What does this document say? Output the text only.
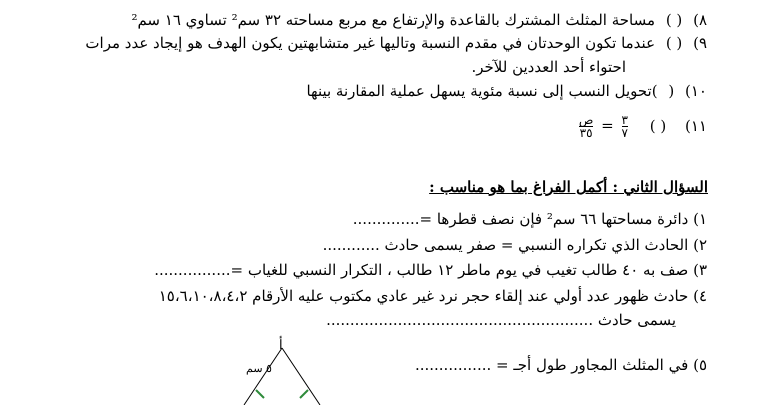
٨) ( ) مساحة المثلث المشترك بالقاعدة والإرتفاع مع مربع مساحته ٣٢ سم² تساوي ١٦ سم²
٩) ( ) عندما تكون الوحدتان في مقدم النسبة وتاليها غير متشابهتين يكون الهدف هو إيجاد عدد مرات
احتواء أحد العددين للآخر.
١٠) ( )تحويل النسب إلى نسبة مئوية يسهل عملية المقارنة بينها
١١) ( )
$\frac{٣}{٧}$
=
$\frac{\text{ص}}{٣٥}$
السؤال الثاني : أكمل الفراغ بما هو مناسب :
١) دائرة مساحتها ٦٦ سم² فإن نصف قطرها =..............
٢) الحادث الذي تكراره النسبي = صفر يسمى حادث ............
٣) صف به ٤٠ طالب تغيب في يوم ماطر ١٢ طالب ، التكرار النسبي للغياب =................
٤) حادث ظهور عدد أولي عند إلقاء حجر نرد غير عادي مكتوب عليه الأرقام ١٥،٦،١٠،٨،٤،٢
يسمى حادث ........................................................
٥) في المثلث المجاور طول أجـ = ................
أ
٥ سم
